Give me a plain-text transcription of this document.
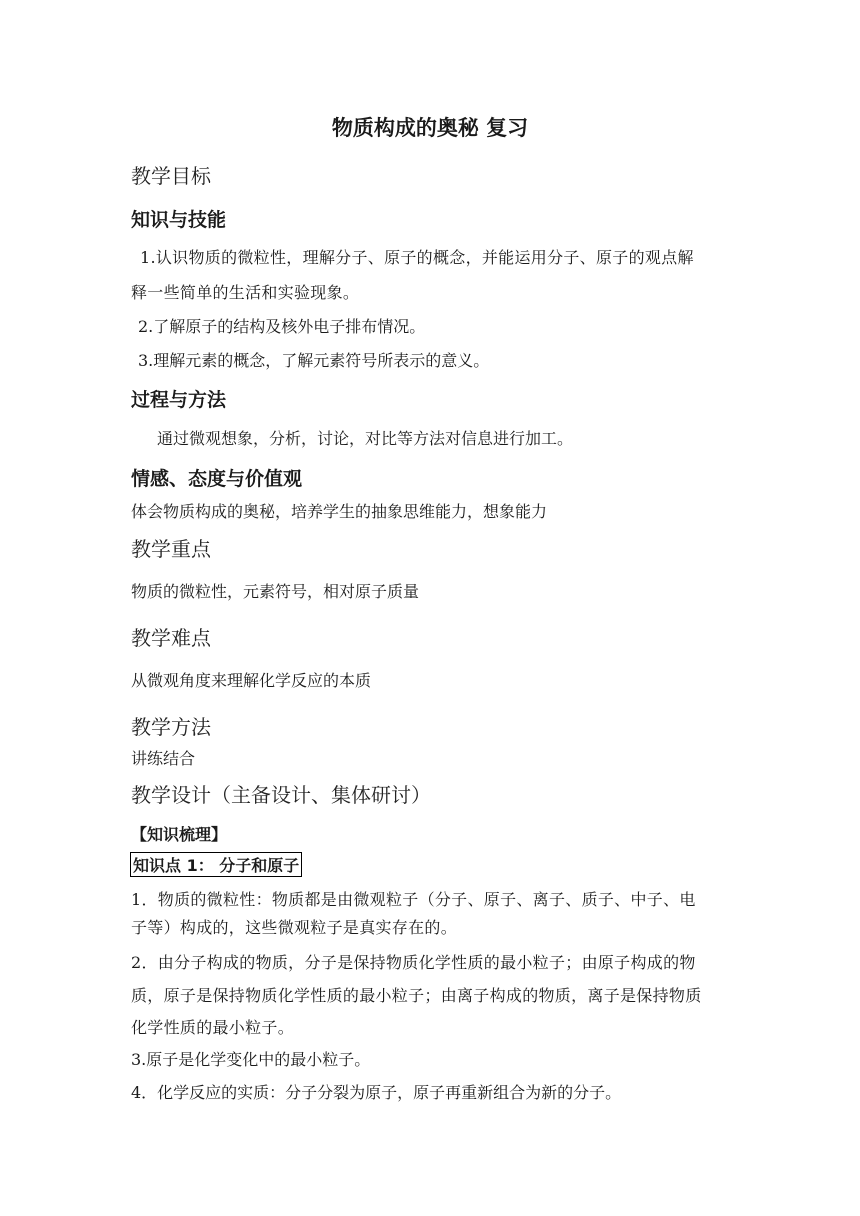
物质构成的奥秘 复习
教学目标
知识与技能
1.认识物质的微粒性，理解分子、原子的概念，并能运用分子、原子的观点解
释一些简单的生活和实验现象。
2.了解原子的结构及核外电子排布情况。
3.理解元素的概念，了解元素符号所表示的意义。
过程与方法
通过微观想象，分析，讨论，对比等方法对信息进行加工。
情感、态度与价值观
体会物质构成的奥秘，培养学生的抽象思维能力，想象能力
教学重点
物质的微粒性，元素符号，相对原子质量
教学难点
从微观角度来理解化学反应的本质
教学方法
讲练结合
教学设计（主备设计、集体研讨）
【知识梳理】
知识点 1： 分子和原子
1．物质的微粒性：物质都是由微观粒子（分子、原子、离子、质子、中子、电
子等）构成的，这些微观粒子是真实存在的。
2．由分子构成的物质，分子是保持物质化学性质的最小粒子；由原子构成的物
质，原子是保持物质化学性质的最小粒子；由离子构成的物质，离子是保持物质
化学性质的最小粒子。
3.原子是化学变化中的最小粒子。
4．化学反应的实质：分子分裂为原子，原子再重新组合为新的分子。
